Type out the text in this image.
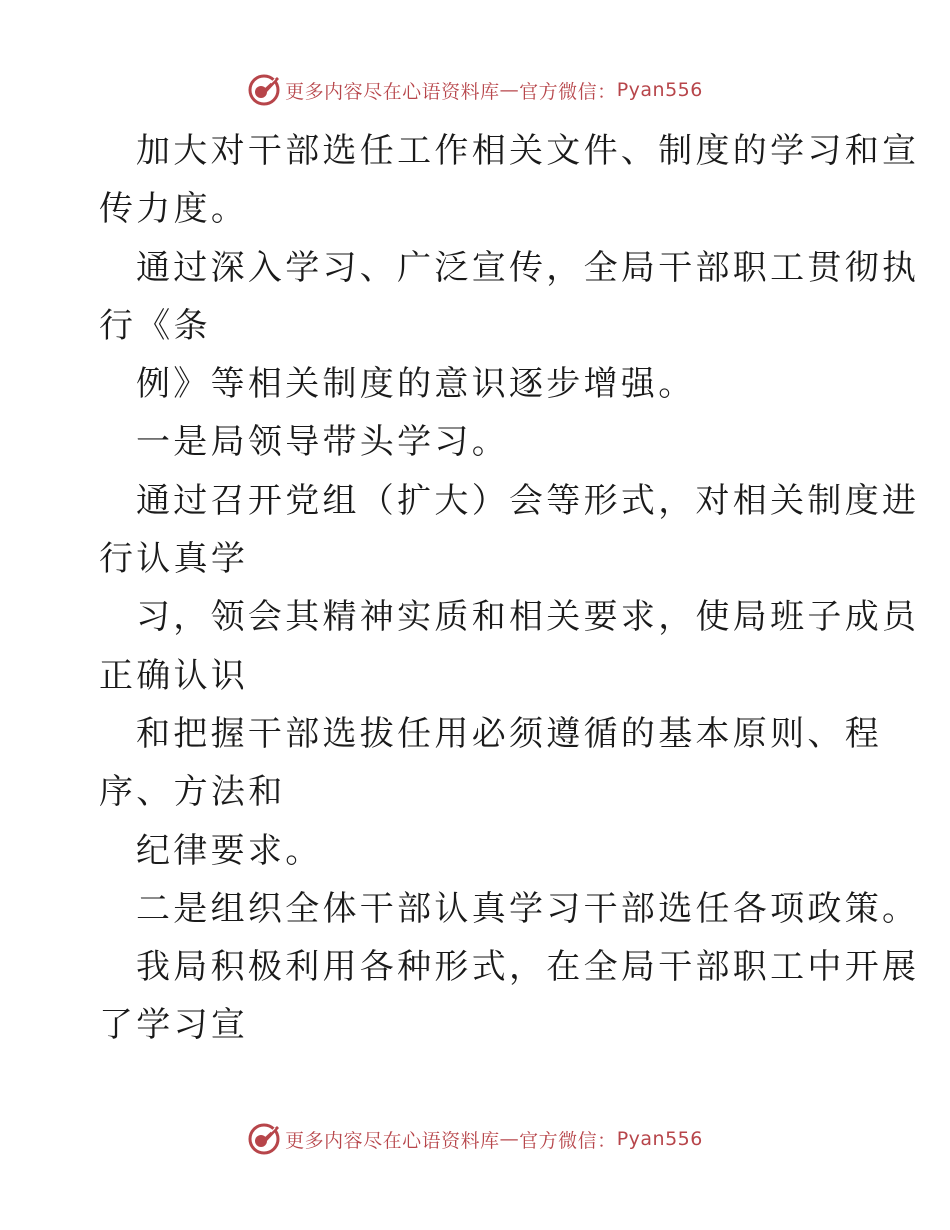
更多内容尽在心语资料库 — 官方微信： Pyan556
加大对干部选任工作相关文件、制度的学习和宣
传力度。
通过深入学习、广泛宣传，全局干部职工贯彻执
行《条
例》等相关制度的意识逐步增强。
一是局领导带头学习。
通过召开党组（扩大）会等形式，对相关制度进
行认真学
习，领会其精神实质和相关要求，使局班子成员
正确认识
和把握干部选拔任用必须遵循的基本原则、程
序、方法和
纪律要求。
二是组织全体干部认真学习干部选任各项政策。
我局积极利用各种形式，在全局干部职工中开展
了学习宣
更多内容尽在心语资料库 — 官方微信： Pyan556
